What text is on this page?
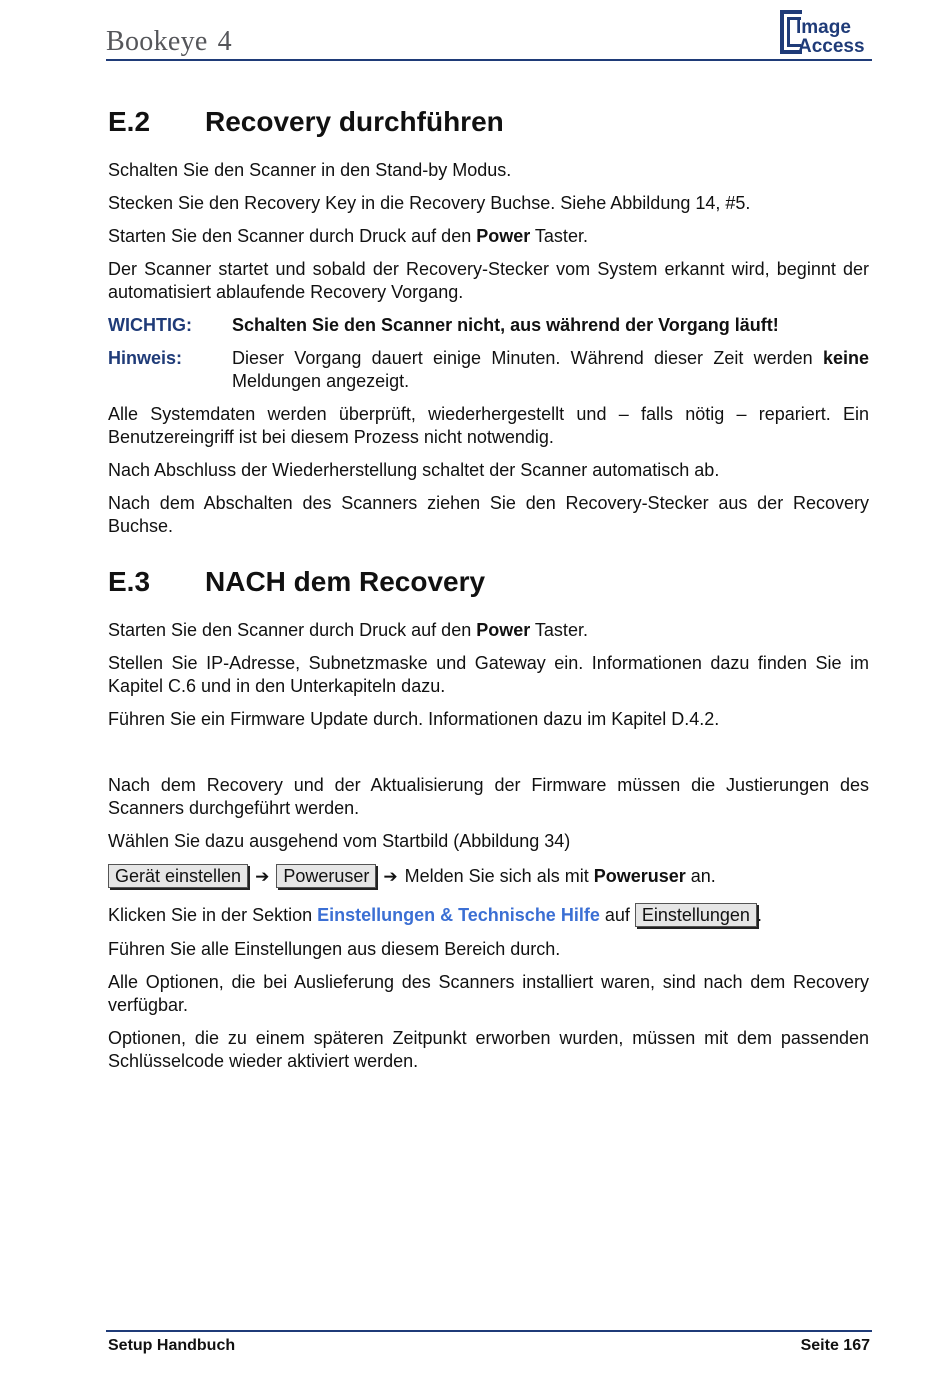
Bookeye 4	Image
Access
E.2	Recovery durchführen

Schalten Sie den Scanner in den Stand-by Modus.

Stecken Sie den Recovery Key in die Recovery Buchse. Siehe Abbildung 14, #5.

Starten Sie den Scanner durch Druck auf den Power Taster.

Der Scanner startet und sobald der Recovery-Stecker vom System erkannt wird, beginnt der automatisiert ablaufende Recovery Vorgang.

WICHTIG:	Schalten Sie den Scanner nicht, aus während der Vorgang läuft!
Hinweis:	Dieser Vorgang dauert einige Minuten. Während dieser Zeit werden keine Meldungen angezeigt.

Alle Systemdaten werden überprüft, wiederhergestellt und – falls nötig – repariert. Ein Benutzereingriff ist bei diesem Prozess nicht notwendig.

Nach Abschluss der Wiederherstellung schaltet der Scanner automatisch ab.

Nach dem Abschalten des Scanners ziehen Sie den Recovery-Stecker aus der Recovery Buchse.

E.3	NACH dem Recovery

Starten Sie den Scanner durch Druck auf den Power Taster.

Stellen Sie IP-Adresse, Subnetzmaske und Gateway ein. Informationen dazu finden Sie im Kapitel C.6 und in den Unterkapiteln dazu.

Führen Sie ein Firmware Update durch. Informationen dazu im Kapitel D.4.2.

Nach dem Recovery und der Aktualisierung der Firmware müssen die Justierungen des Scanners durchgeführt werden.

Wählen Sie dazu ausgehend vom Startbild (Abbildung 34)

Gerät einstellen ➔ Poweruser ➔ Melden Sie sich als mit Poweruser an.

Klicken Sie in der Sektion Einstellungen & Technische Hilfe auf Einstellungen .

Führen Sie alle Einstellungen aus diesem Bereich durch.

Alle Optionen, die bei Auslieferung des Scanners installiert waren, sind nach dem Recovery verfügbar.

Optionen, die zu einem späteren Zeitpunkt erworben wurden, müssen mit dem passenden Schlüsselcode wieder aktiviert werden.

Setup Handbuch	Seite 167
